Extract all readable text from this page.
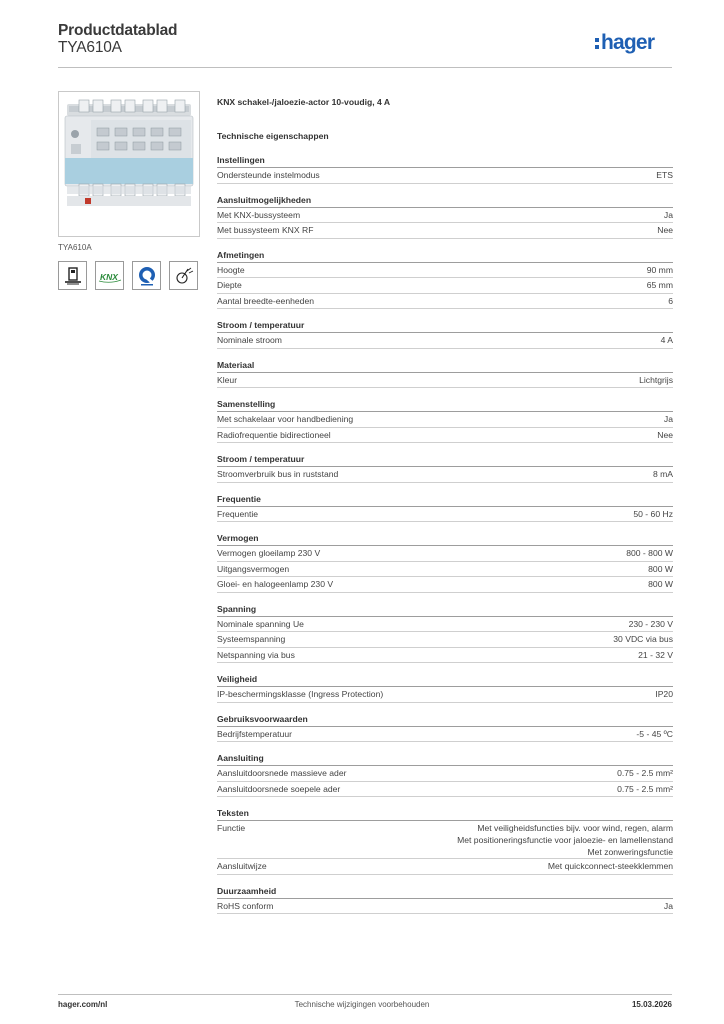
Productdatablad
TYA610A	hager
TYA610A
KNX
KNX schakel-/jaloezie-actor 10-voudig, 4 A
Technische eigenschappen
Instellingen
Ondersteunde instelmodus	ETS
Aansluitmogelijkheden
Met KNX-bussysteem	Ja
Met bussysteem KNX RF	Nee
Afmetingen
Hoogte	90 mm
Diepte	65 mm
Aantal breedte-eenheden	6
Stroom / temperatuur
Nominale stroom	4 A
Materiaal
Kleur	Lichtgrijs
Samenstelling
Met schakelaar voor handbediening	Ja
Radiofrequentie bidirectioneel	Nee
Stroom / temperatuur
Stroomverbruik bus in ruststand	8 mA
Frequentie
Frequentie	50 - 60 Hz
Vermogen
Vermogen gloeilamp 230 V	800 - 800 W
Uitgangsvermogen	800 W
Gloei- en halogeenlamp 230 V	800 W
Spanning
Nominale spanning Ue	230 - 230 V
Systeemspanning	30 VDC via bus
Netspanning via bus	21 - 32 V
Veiligheid
IP-beschermingsklasse (Ingress Protection)	IP20
Gebruiksvoorwaarden
Bedrijfstemperatuur	-5 - 45 ºC
Aansluiting
Aansluitdoorsnede massieve ader	0.75 - 2.5 mm²
Aansluitdoorsnede soepele ader	0.75 - 2.5 mm²
Teksten
Functie	Met veiligheidsfuncties bijv. voor wind, regen, alarm
Met positioneringsfunctie voor jaloezie- en lamellenstand
Met zonweringsfunctie
Aansluitwijze	Met quickconnect-steekklemmen
Duurzaamheid
RoHS conform	Ja
hager.com/nl	Technische wijzigingen voorbehouden	15.03.2026
